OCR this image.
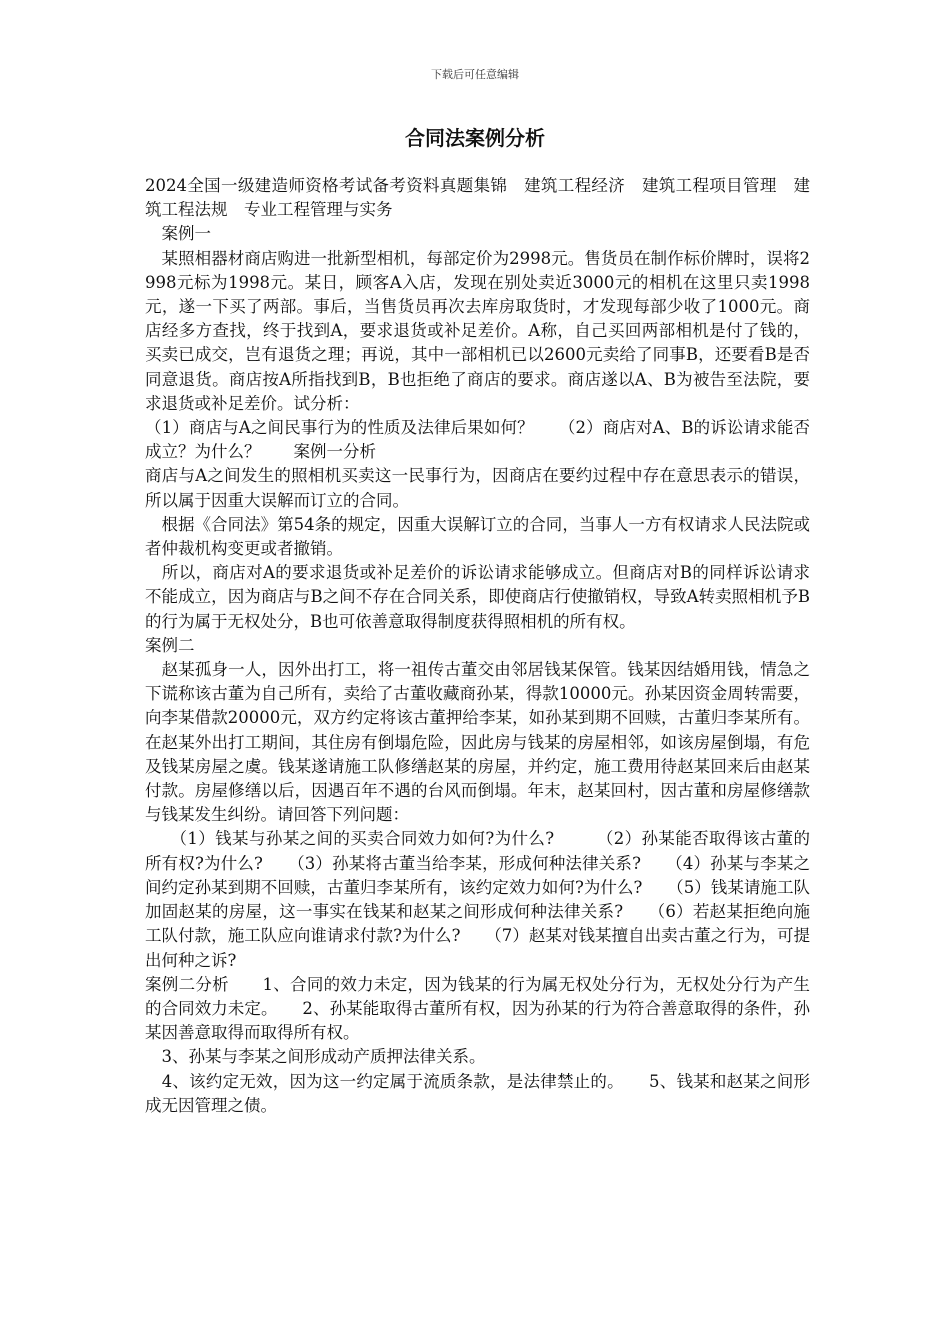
下载后可任意编辑
合同法案例分析

2024全国一级建造师资格考试备考资料真题集锦　建筑工程经济　建筑工程项目管理　建筑工程法规　专业工程管理与实务

　案例一

　某照相器材商店购进一批新型相机，每部定价为2998元。售货员在制作标价牌时，误将2998元标为1998元。某日，顾客A入店，发现在别处卖近3000元的相机在这里只卖1998元，遂一下买了两部。事后，当售货员再次去库房取货时，才发现每部少收了1000元。商店经多方查找，终于找到A，要求退货或补足差价。A称，自己买回两部相机是付了钱的，买卖已成交，岂有退货之理；再说，其中一部相机已以2600元卖给了同事B，还要看B是否同意退货。商店按A所指找到B，B也拒绝了商店的要求。商店遂以A、B为被告至法院，要求退货或补足差价。试分析：

（1）商店与A之间民事行为的性质及法律后果如何？　　（2）商店对A、B的诉讼请求能否成立？为什么？　　案例一分析

商店与A之间发生的照相机买卖这一民事行为，因商店在要约过程中存在意思表示的错误，所以属于因重大误解而订立的合同。

　根据《合同法》第54条的规定，因重大误解订立的合同，当事人一方有权请求人民法院或者仲裁机构变更或者撤销。

　所以，商店对A的要求退货或补足差价的诉讼请求能够成立。但商店对B的同样诉讼请求不能成立，因为商店与B之间不存在合同关系，即使商店行使撤销权，导致A转卖照相机予B的行为属于无权处分，B也可依善意取得制度获得照相机的所有权。

案例二

　赵某孤身一人，因外出打工，将一祖传古董交由邻居钱某保管。钱某因结婚用钱，情急之下谎称该古董为自己所有，卖给了古董收藏商孙某，得款10000元。孙某因资金周转需要，向李某借款20000元，双方约定将该古董押给李某，如孙某到期不回赎，古董归李某所有。在赵某外出打工期间，其住房有倒塌危险，因此房与钱某的房屋相邻，如该房屋倒塌，有危及钱某房屋之虞。钱某遂请施工队修缮赵某的房屋，并约定，施工费用待赵某回来后由赵某付款。房屋修缮以后，因遇百年不遇的台风而倒塌。年末，赵某回村，因古董和房屋修缮款与钱某发生纠纷。请回答下列问题：

　　（1）钱某与孙某之间的买卖合同效力如何?为什么?　　　（2）孙某能否取得该古董的所有权?为什么?　　（3）孙某将古董当给李某，形成何种法律关系?　　（4）孙某与李某之间约定孙某到期不回赎，古董归李某所有，该约定效力如何?为什么?　　（5）钱某请施工队加固赵某的房屋，这一事实在钱某和赵某之间形成何种法律关系?　　（6）若赵某拒绝向施工队付款，施工队应向谁请求付款?为什么?　　（7）赵某对钱某擅自出卖古董之行为，可提出何种之诉?

案例二分析　　1、合同的效力未定，因为钱某的行为属无权处分行为，无权处分行为产生的合同效力未定。　　2、孙某能取得古董所有权，因为孙某的行为符合善意取得的条件，孙某因善意取得而取得所有权。

　3、孙某与李某之间形成动产质押法律关系。

　4、该约定无效，因为这一约定属于流质条款，是法律禁止的。　　5、钱某和赵某之间形成无因管理之债。
